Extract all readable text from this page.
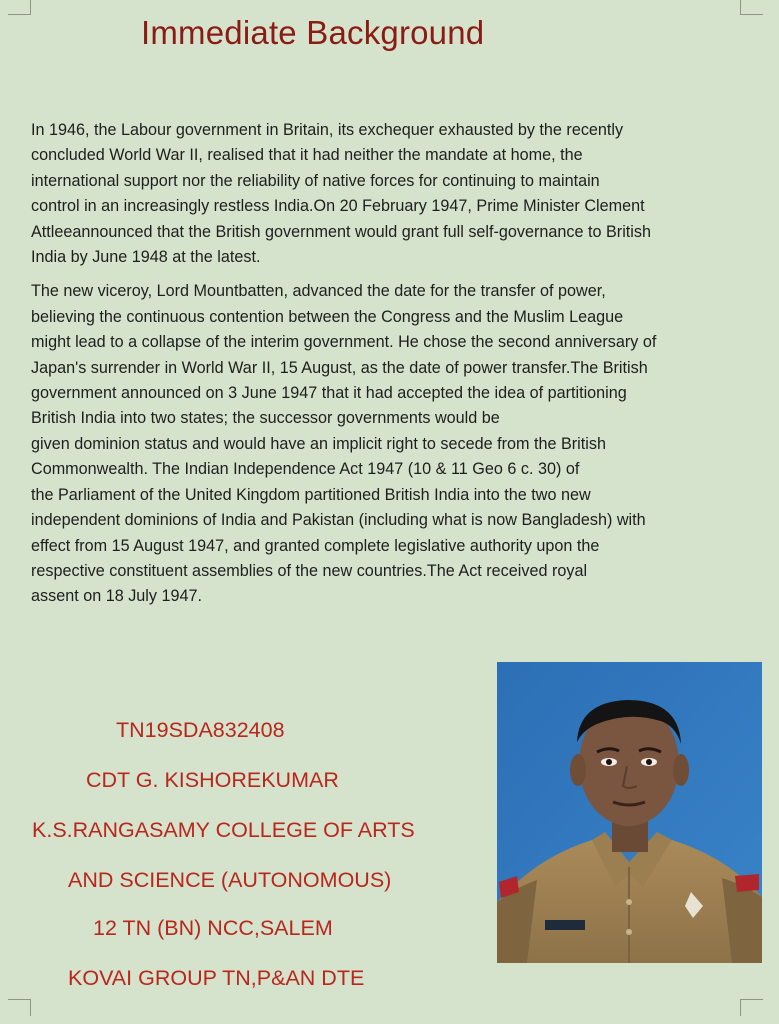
Immediate Background

In 1946, the Labour government in Britain, its exchequer exhausted by the recently
concluded World War II, realised that it had neither the mandate at home, the
international support nor the reliability of native forces for continuing to maintain
control in an increasingly restless India.On 20 February 1947, Prime Minister Clement
Attleeannounced that the British government would grant full self-governance to British
India by June 1948 at the latest.

The new viceroy, Lord Mountbatten, advanced the date for the transfer of power,
believing the continuous contention between the Congress and the Muslim League
might lead to a collapse of the interim government. He chose the second anniversary of
Japan's surrender in World War II, 15 August, as the date of power transfer.The British
government announced on 3 June 1947 that it had accepted the idea of partitioning
British India into two states; the successor governments would be
given dominion status and would have an implicit right to secede from the British
Commonwealth. The Indian Independence Act 1947 (10 & 11 Geo 6 c. 30) of
the Parliament of the United Kingdom partitioned British India into the two new
independent dominions of India and Pakistan (including what is now Bangladesh) with
effect from 15 August 1947, and granted complete legislative authority upon the
respective constituent assemblies of the new countries.The Act received royal
assent on 18 July 1947.

TN19SDA832408
CDT G. KISHOREKUMAR
K.S.RANGASAMY COLLEGE OF ARTS
AND SCIENCE (AUTONOMOUS)
12 TN (BN) NCC,SALEM
KOVAI GROUP TN,P&AN DTE
